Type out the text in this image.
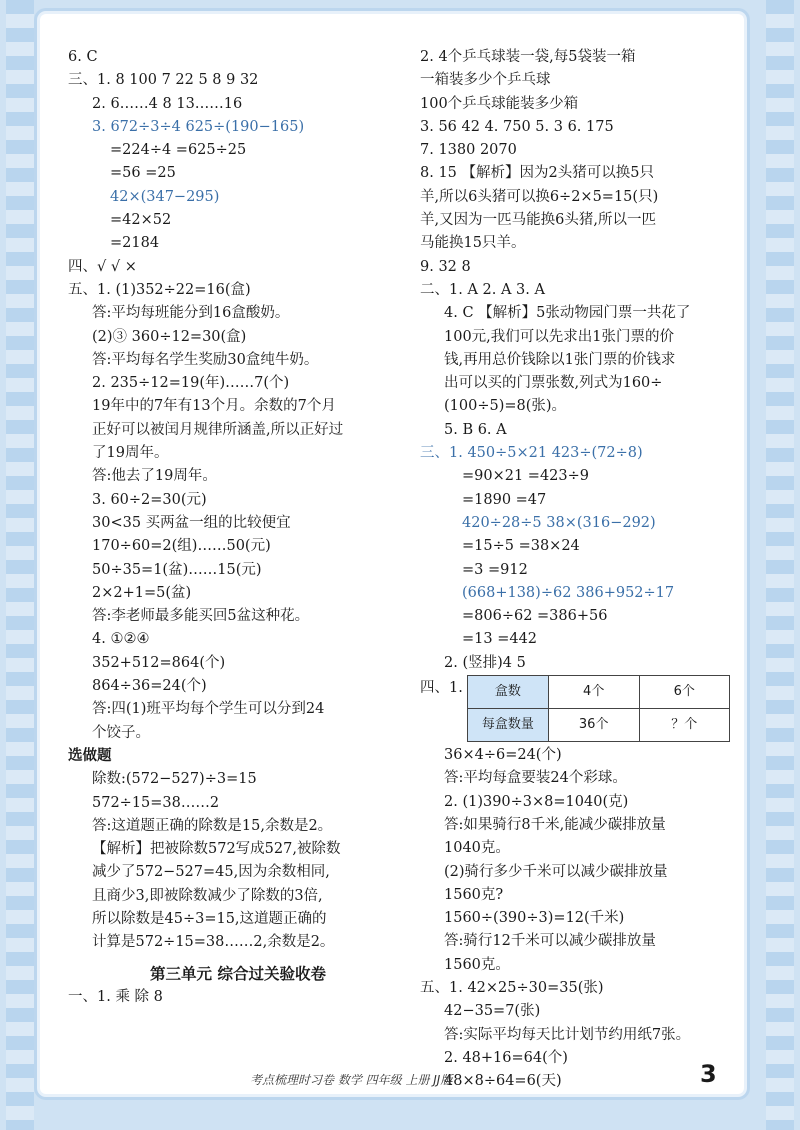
6. C
三、1. 8 100 7 22 5 8 9 32
2. 6……4 8 13……16
3. 672÷3÷4 625÷(190−165)
=224÷4 =625÷25
=56 =25
42×(347−295)
=42×52
=2184
四、√ √ ×
五、1. (1)352÷22=16(盒)
答:平均每班能分到16盒酸奶。
(2)③ 360÷12=30(盒)
答:平均每名学生奖励30盒纯牛奶。
2. 235÷12=19(年)……7(个)
19年中的7年有13个月。余数的7个月
正好可以被闰月规律所涵盖,所以正好过
了19周年。
答:他去了19周年。
3. 60÷2=30(元)
30<35 买两盆一组的比较便宜
170÷60=2(组)……50(元)
50÷35=1(盆)……15(元)
2×2+1=5(盆)
答:李老师最多能买回5盆这种花。
4. ①②④
352+512=864(个)
864÷36=24(个)
答:四(1)班平均每个学生可以分到24
个饺子。
选做题
除数:(572−527)÷3=15
572÷15=38……2
答:这道题正确的除数是15,余数是2。
【解析】把被除数572写成527,被除数
减少了572−527=45,因为余数相同,
且商少3,即被除数减少了除数的3倍,
所以除数是45÷3=15,这道题正确的
计算是572÷15=38……2,余数是2。
第三单元 综合过关验收卷
一、1. 乘 除 8
2. 4个乒乓球装一袋,每5袋装一箱
一箱装多少个乒乓球
100个乒乓球能装多少箱
3. 56 42 4. 750 5. 3 6. 175
7. 1380 2070
8. 15 【解析】因为2头猪可以换5只
羊,所以6头猪可以换6÷2×5=15(只)
羊,又因为一匹马能换6头猪,所以一匹
马能换15只羊。
9. 32 8
二、1. A 2. A 3. A
4. C 【解析】5张动物园门票一共花了
100元,我们可以先求出1张门票的价
钱,再用总价钱除以1张门票的价钱求
出可以买的门票张数,列式为160÷
(100÷5)=8(张)。
5. B 6. A
三、1. 450÷5×21 423÷(72÷8)
=90×21 =423÷9
=1890 =47
420÷28÷5 38×(316−292)
=15÷5 =38×24
=3 =912
(668+138)÷62 386+952÷17
=806÷62 =386+56
=13 =442
2. (竖排)4 5
四、1. 盒数	4个	6个
每盒数量	36个	？个
36×4÷6=24(个)
答:平均每盒要装24个彩球。
2. (1)390÷3×8=1040(克)
答:如果骑行8千米,能减少碳排放量
1040克。
(2)骑行多少千米可以减少碳排放量
1560克?
1560÷(390÷3)=12(千米)
答:骑行12千米可以减少碳排放量
1560克。
五、1. 42×25÷30=35(张)
42−35=7(张)
答:实际平均每天比计划节约用纸7张。
2. 48+16=64(个)
48×8÷64=6(天)
考点梳理时习卷 数学 四年级 上册 JJ版	3
